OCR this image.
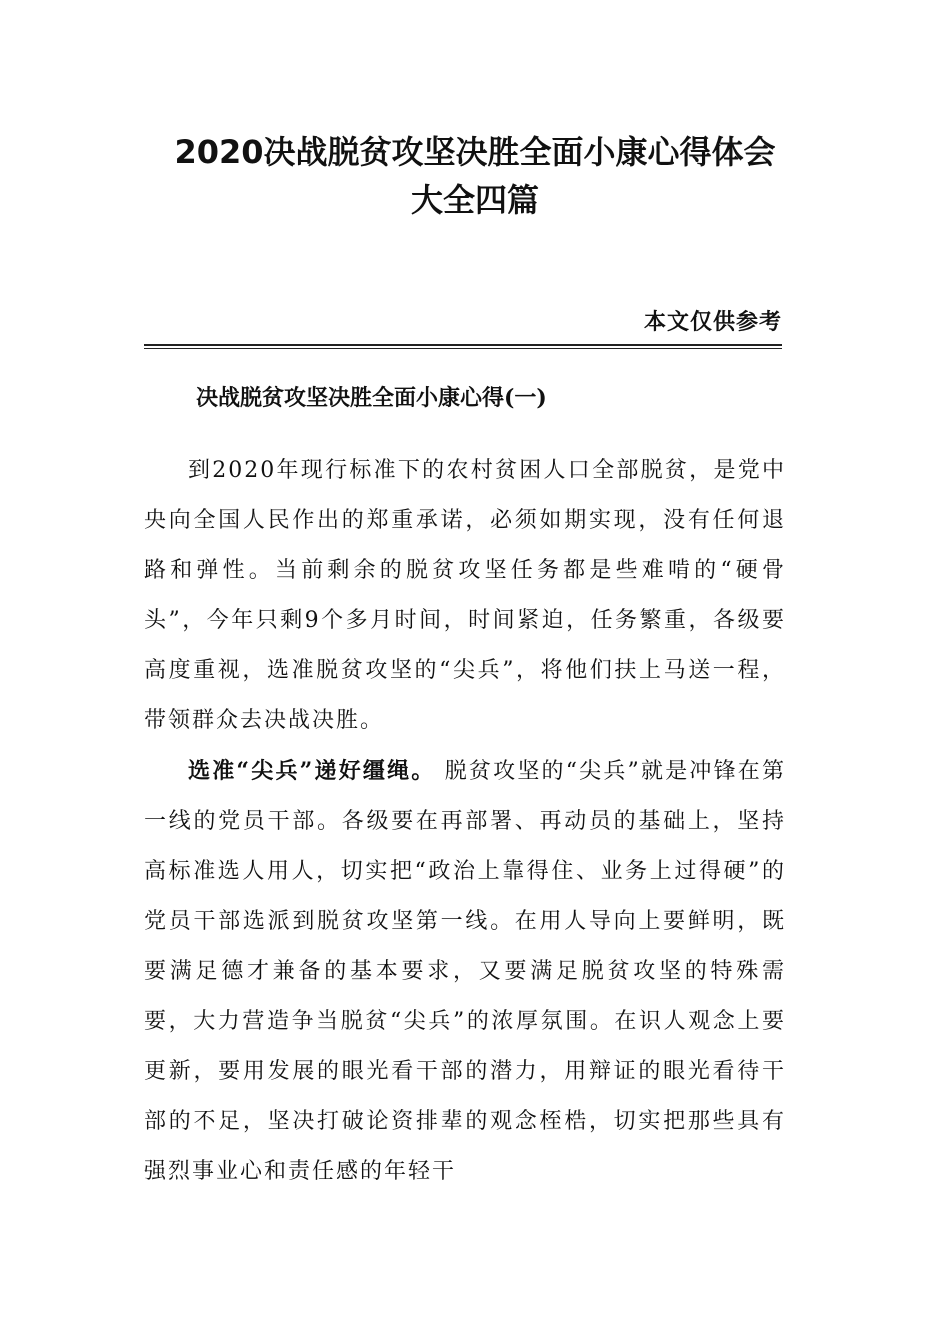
2020决战脱贫攻坚决胜全面小康心得体会
大全四篇
本文仅供参考
决战脱贫攻坚决胜全面小康心得(一)

到2020年现行标准下的农村贫困人口全部脱贫，是党中央向全国人民作出的郑重承诺，必须如期实现，没有任何退路和弹性。当前剩余的脱贫攻坚任务都是些难啃的“硬骨头”，今年只剩9个多月时间，时间紧迫，任务繁重，各级要高度重视，选准脱贫攻坚的“尖兵”，将他们扶上马送一程，带领群众去决战决胜。

选准“尖兵”递好缰绳。 脱贫攻坚的“尖兵”就是冲锋在第一线的党员干部。各级要在再部署、再动员的基础上，坚持高标准选人用人，切实把“政治上靠得住、业务上过得硬”的党员干部选派到脱贫攻坚第一线。在用人导向上要鲜明，既要满足德才兼备的基本要求，又要满足脱贫攻坚的特殊需要，大力营造争当脱贫“尖兵”的浓厚氛围。在识人观念上要更新，要用发展的眼光看干部的潜力，用辩证的眼光看待干部的不足，坚决打破论资排辈的观念桎梏，切实把那些具有强烈事业心和责任感的年轻干
